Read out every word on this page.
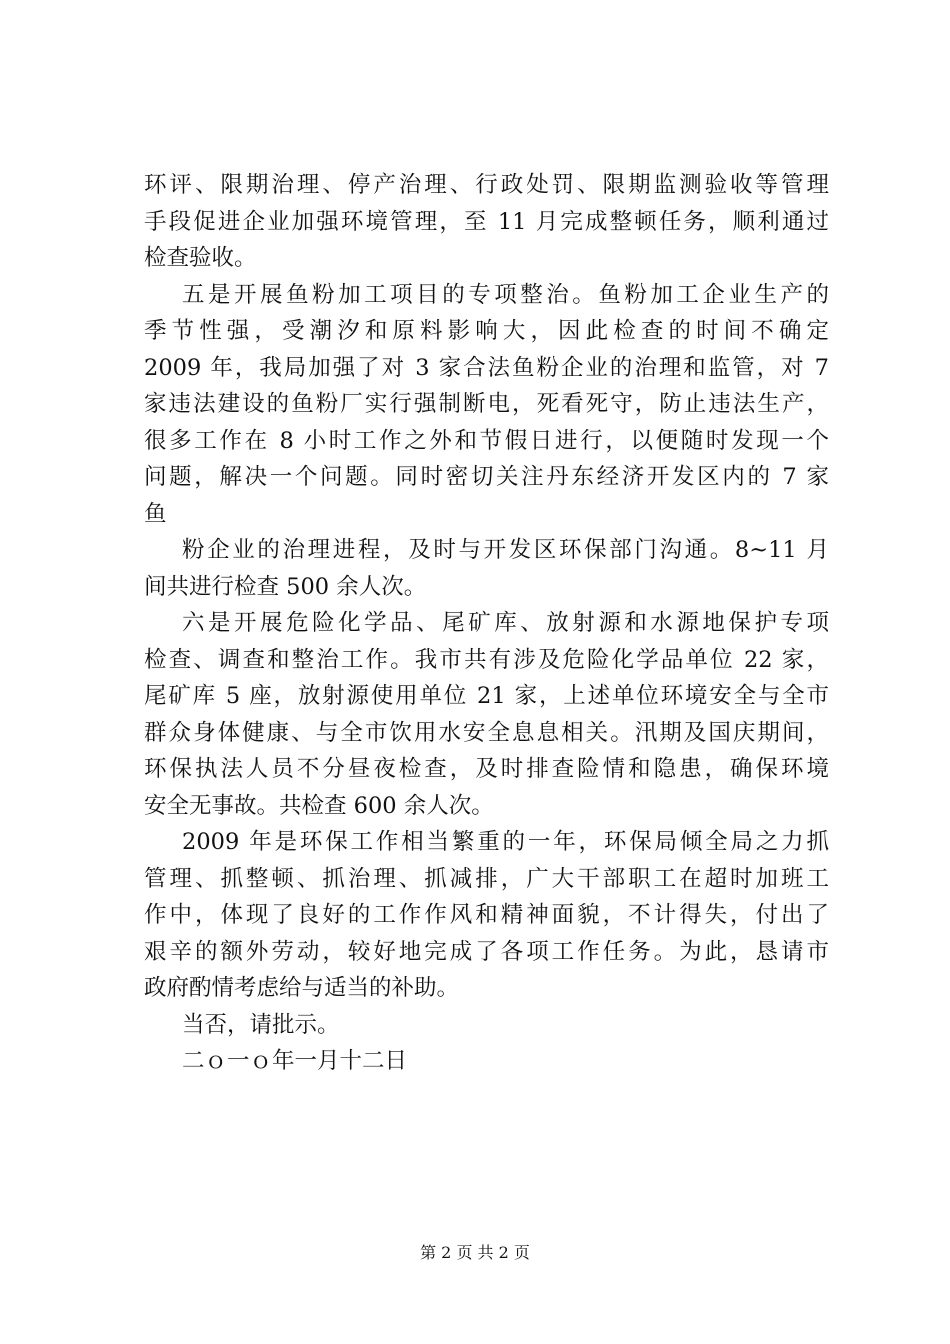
环评、限期治理、停产治理、行政处罚、限期监测验收等管理
手段促进企业加强环境管理，至 11 月完成整顿任务，顺利通过
检查验收。
五是开展鱼粉加工项目的专项整治。鱼粉加工企业生产的
季节性强，受潮汐和原料影响大，因此检查的时间不确定
2009 年，我局加强了对 3 家合法鱼粉企业的治理和监管，对 7
家违法建设的鱼粉厂实行强制断电，死看死守，防止违法生产，
很多工作在 8 小时工作之外和节假日进行，以便随时发现一个
问题，解决一个问题。同时密切关注丹东经济开发区内的 7 家
鱼
粉企业的治理进程，及时与开发区环保部门沟通。8~11 月
间共进行检查 500 余人次。
六是开展危险化学品、尾矿库、放射源和水源地保护专项
检查、调查和整治工作。我市共有涉及危险化学品单位 22 家，
尾矿库 5 座，放射源使用单位 21 家，上述单位环境安全与全市
群众身体健康、与全市饮用水安全息息相关。汛期及国庆期间，
环保执法人员不分昼夜检查，及时排查险情和隐患，确保环境
安全无事故。共检查 600 余人次。
2009 年是环保工作相当繁重的一年，环保局倾全局之力抓
管理、抓整顿、抓治理、抓减排，广大干部职工在超时加班工
作中，体现了良好的工作作风和精神面貌，不计得失，付出了
艰辛的额外劳动，较好地完成了各项工作任务。为此，恳请市
政府酌情考虑给与适当的补助。
当否，请批示。
二ｏ一ｏ年一月十二日
第 2 页 共 2 页
